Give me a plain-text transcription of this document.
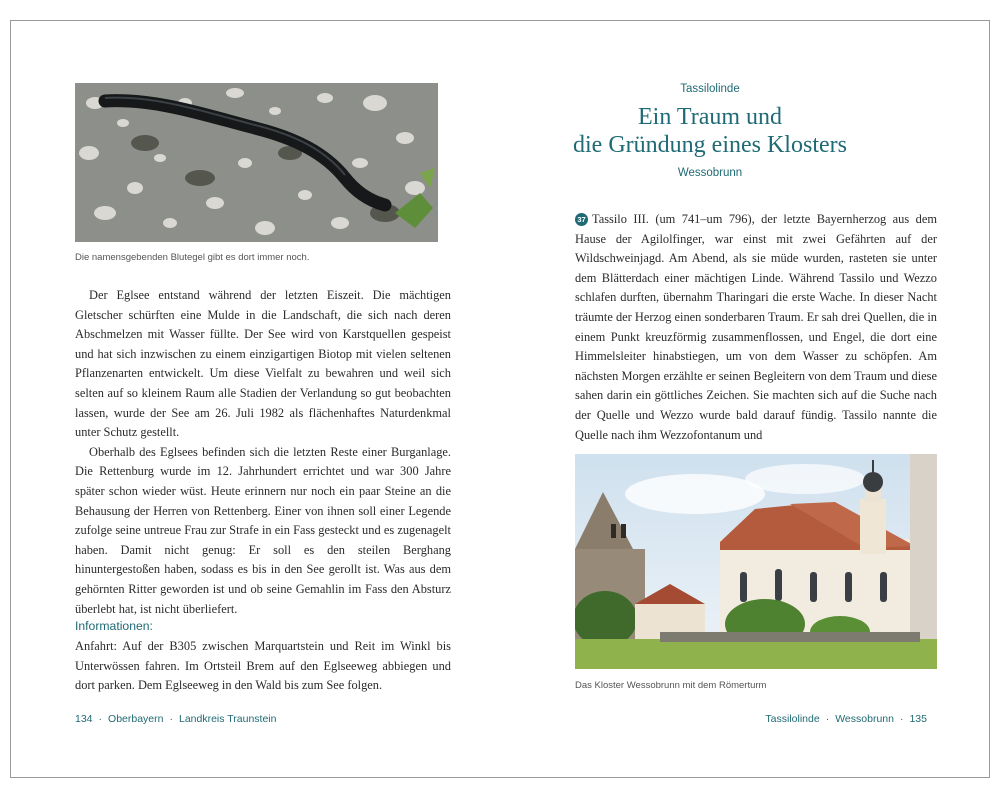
Die namensgebenden Blutegel gibt es dort immer noch.

Der Eglsee entstand während der letzten Eiszeit. Die mächtigen Gletscher schürften eine Mulde in die Landschaft, die sich nach deren Abschmelzen mit Wasser füllte. Der See wird von Karstquellen gespeist und hat sich inzwischen zu einem einzigartigen Biotop mit vielen seltenen Pflanzenarten entwickelt. Um diese Vielfalt zu bewahren und weil sich selten auf so kleinem Raum alle Stadien der Verlandung so gut beobachten lassen, wurde der See am 26. Juli 1982 als flächenhaftes Naturdenkmal unter Schutz gestellt.

Oberhalb des Eglsees befinden sich die letzten Reste einer Burganlage. Die Rettenburg wurde im 12. Jahrhundert errichtet und war 300 Jahre später schon wieder wüst. Heute erinnern nur noch ein paar Steine an die Behausung der Herren von Rettenberg. Einer von ihnen soll einer Legende zufolge seine untreue Frau zur Strafe in ein Fass gesteckt und es zugenagelt haben. Damit nicht genug: Er soll es den steilen Berghang hinuntergestoßen haben, sodass es bis in den See gerollt ist. Was aus dem gehörnten Ritter geworden ist und ob seine Gemahlin im Fass den Absturz überlebt hat, ist nicht überliefert.

Informationen:
Anfahrt: Auf der B305 zwischen Marquartstein und Reit im Winkl bis Unterwössen fahren. Im Ortsteil Brem auf den Eglseeweg abbiegen und dort parken. Dem Eglseeweg in den Wald bis zum See folgen.
134 · Oberbayern · Landkreis Traunstein
Tassilolinde
Ein Traum und
die Gründung eines Klosters
Wessobrunn

37 Tassilo III. (um 741–um 796), der letzte Bayernherzog aus dem Hause der Agilolfinger, war einst mit zwei Gefährten auf der Wildschweinjagd. Am Abend, als sie müde wurden, rasteten sie unter dem Blätterdach einer mächtigen Linde. Während Tassilo und Wezzo schlafen durften, übernahm Tharingari die erste Wache. In dieser Nacht träumte der Herzog einen sonderbaren Traum. Er sah drei Quellen, die in einem Punkt kreuzförmig zusammenflossen, und Engel, die dort eine Himmelsleiter hinabstiegen, um von dem Wasser zu schöpfen. Am nächsten Morgen erzählte er seinen Begleitern von dem Traum und diese sahen darin ein göttliches Zeichen. Sie machten sich auf die Suche nach der Quelle und Wezzo wurde bald darauf fündig. Tassilo nannte die Quelle nach ihm Wezzofontanum und

Das Kloster Wessobrunn mit dem Römerturm
Tassilolinde · Wessobrunn · 135
